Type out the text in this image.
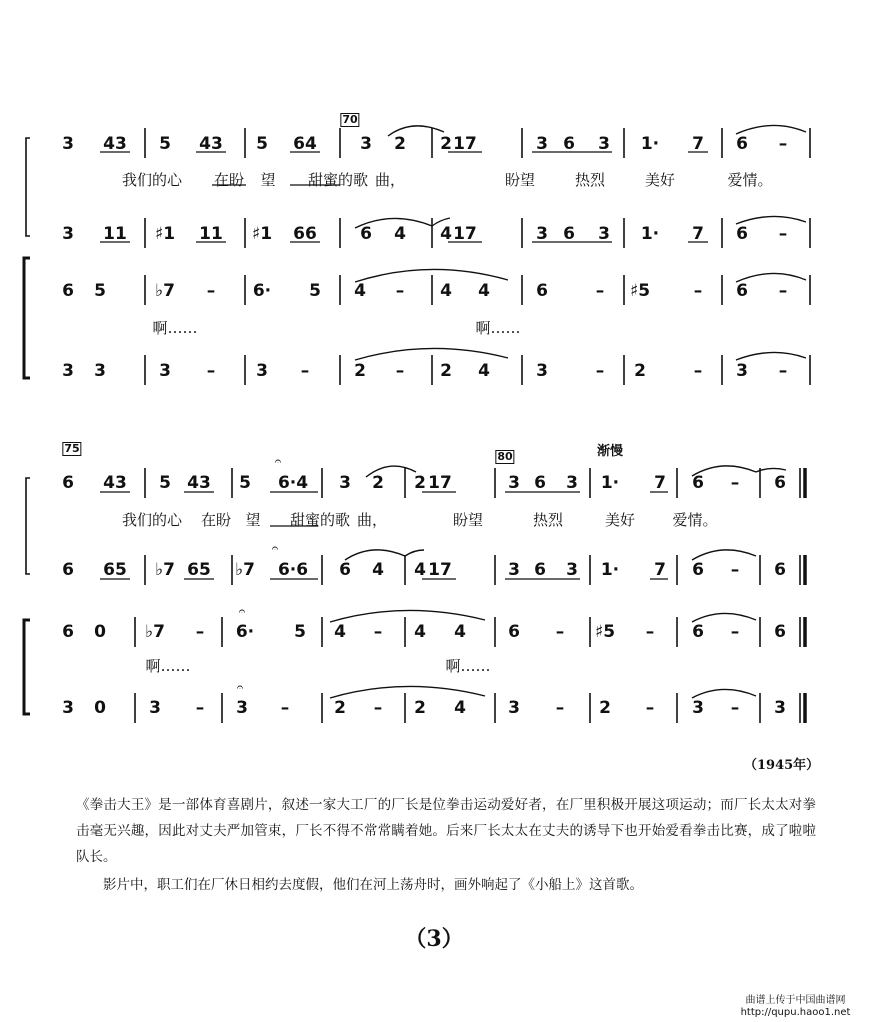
70
75
80	渐慢
𝄐
𝄐
𝄐
𝄐
3 43 5 43 5 64	3 2 2 17	3 6 3 1· 7 6 –
我们的心 在盼 望 甜蜜的歌 曲，	盼望	热烈	美好	爱情。
3 11 ♯1 11 ♯1 66	6 4 4 17	3 6 3 1· 7 6 –
6 5	♭7 – 6· 5 4 – 4 4	6	– ♯5	– 6 –
啊……	啊……
3 3	3 – 3 –	2 – 2 4	3	– 2	– 3 –
6 43 5 43 5 6·4 3 2 2 17	3 6 3 1· 7 6 – 6
我们的心 在盼 望 甜蜜的歌 曲，	盼望	热烈	美好 爱情。
6 65 ♭7 65 ♭7 6·6 6 4 4 17	3 6 3 1· 7 6 – 6
6 0 ♭7 – 6· 5 4 – 4 4 6 – ♯5 – 6 – 6
啊……	啊……
3 0	3 – 3 –	2 – 2 4 3 – 2 – 3 – 3
（1945年）
《拳击大王》是一部体育喜剧片，叙述一家大工厂的厂长是位拳击运动爱好者，在厂里积极开展这项运动；而厂长太太对拳击毫无兴趣，因此对丈夫严加管束，厂长不得不常常瞒着她。后来厂长太太在丈夫的诱导下也开始爱看拳击比赛，成了啦啦队长。
影片中，职工们在厂休日相约去度假，他们在河上荡舟时，画外响起了《小船上》这首歌。
（3）
曲谱上传于中国曲谱网
http://qupu.haoo1.net
